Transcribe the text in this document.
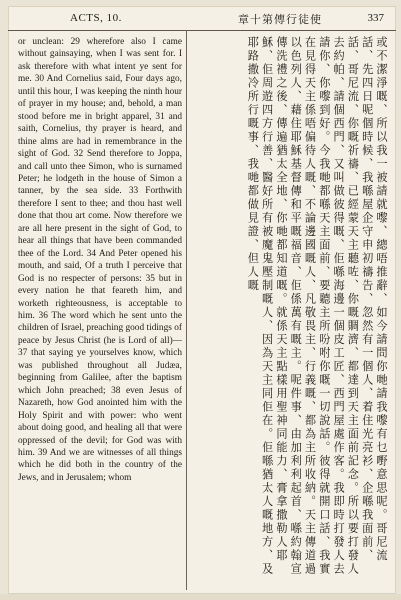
ACTS, 10.	章十第傳行徒使	337

or unclean: 29 wherefore also I came without gainsaying, when I was sent for. I ask therefore with what intent ye sent for me. 30 And Cornelius said, Four days ago, until this hour, I was keeping the ninth hour of prayer in my house; and, behold, a man stood before me in bright apparel, 31 and saith, Cornelius, thy prayer is heard, and thine alms are had in remembrance in the sight of God. 32 Send therefore to Joppa, and call unto thee Simon, who is surnamed Peter; he lodgeth in the house of Simon a tanner, by the sea side. 33 Forthwith therefore I sent to thee; and thou hast well done that thou art come. Now therefore we are all here present in the sight of God, to hear all things that have been commanded thee of the Lord. 34 And Peter opened his mouth, and said, Of a truth I perceive that God is no respecter of persons: 35 but in every nation he that feareth him, and worketh righteousness, is acceptable to him. 36 The word which he sent unto the children of Israel, preaching good tidings of peace by Jesus Christ (he is Lord of all)—37 that saying ye yourselves know, which was published throughout all Judæa, beginning from Galilee, after the baptism which John preached; 38 even Jesus of Nazareth, how God anointed him with the Holy Spirit and with power: who went about doing good, and healing all that were oppressed of the devil; for God was with him. 39 And we are witnesses of all things which he did both in the country of the Jews, and in Jerusalem; whom	或不潔淨嘅、所以我一被請就嚟、總唔推辭、如今請問你哋請我嚟有乜嘢意思呢。哥尼流話、先四日呢個時候、我喺屋企守申初禱告、忽然有一個人、着住光亮衫、企喺我面前、話、哥尼流、你嘅祈禱、已經蒙天主聽咗、你嘅賙濟、都達到天主面前記念。所以要打發人去約帕、請個西門、又叫做彼得嘅、佢喺海邊一個皮工匠、西門屋處作客。我即時打發人去請你、你嚟到好。今我哋都喺天主面前、要聽主所吩咐你嘅一切說話。彼得就開口話、我實在見得天主係唔偏待人嘅、不論邊國嘅人、凡敬畏主、行義嘅、都為主所收納。天主傳道過以色列人、藉住耶穌基督傳和平嘅福音、佢係萬有嘅主。呢件事、由加利利起首、喺約翰宣傳洗禮之後、傳遍猶太全地、你哋都知道嘅。就係天主點樣用聖神同能力、膏拿撒勒人耶穌、佢周遊四方行善、醫好所有被魔鬼壓制嘅人、因為天主同佢在。佢喺猶太人嘅地方、及耶路撒冷所行嘅事、我哋都做見證、但人嘅
